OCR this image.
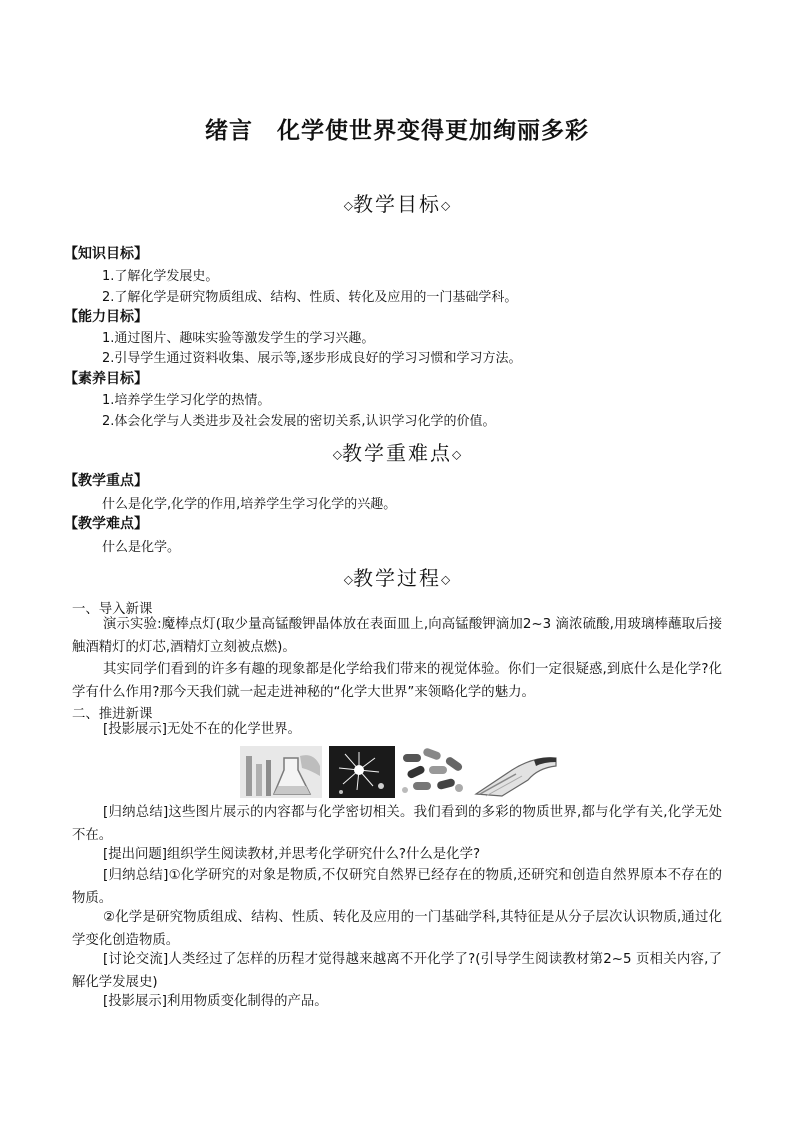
绪言　化学使世界变得更加绚丽多彩
◇教学目标◇
【知识目标】
1.了解化学发展史。
2.了解化学是研究物质组成、结构、性质、转化及应用的一门基础学科。
【能力目标】
1.通过图片、趣味实验等激发学生的学习兴趣。
2.引导学生通过资料收集、展示等,逐步形成良好的学习习惯和学习方法。
【素养目标】
1.培养学生学习化学的热情。
2.体会化学与人类进步及社会发展的密切关系,认识学习化学的价值。
◇教学重难点◇
【教学重点】
什么是化学,化学的作用,培养学生学习化学的兴趣。
【教学难点】
什么是化学。
◇教学过程◇
一、导入新课
演示实验:魔棒点灯(取少量高锰酸钾晶体放在表面皿上,向高锰酸钾滴加2~3 滴浓硫酸,用玻璃棒蘸取后接触酒精灯的灯芯,酒精灯立刻被点燃)。
其实同学们看到的许多有趣的现象都是化学给我们带来的视觉体验。你们一定很疑惑,到底什么是化学?化学有什么作用?那今天我们就一起走进神秘的“化学大世界”来领略化学的魅力。
二、推进新课
[投影展示]无处不在的化学世界。
[归纳总结]这些图片展示的内容都与化学密切相关。我们看到的多彩的物质世界,都与化学有关,化学无处不在。
[提出问题]组织学生阅读教材,并思考化学研究什么?什么是化学?
[归纳总结]①化学研究的对象是物质,不仅研究自然界已经存在的物质,还研究和创造自然界原本不存在的物质。
②化学是研究物质组成、结构、性质、转化及应用的一门基础学科,其特征是从分子层次认识物质,通过化学变化创造物质。
[讨论交流]人类经过了怎样的历程才觉得越来越离不开化学了?(引导学生阅读教材第2~5 页相关内容,了解化学发展史)
[投影展示]利用物质变化制得的产品。
